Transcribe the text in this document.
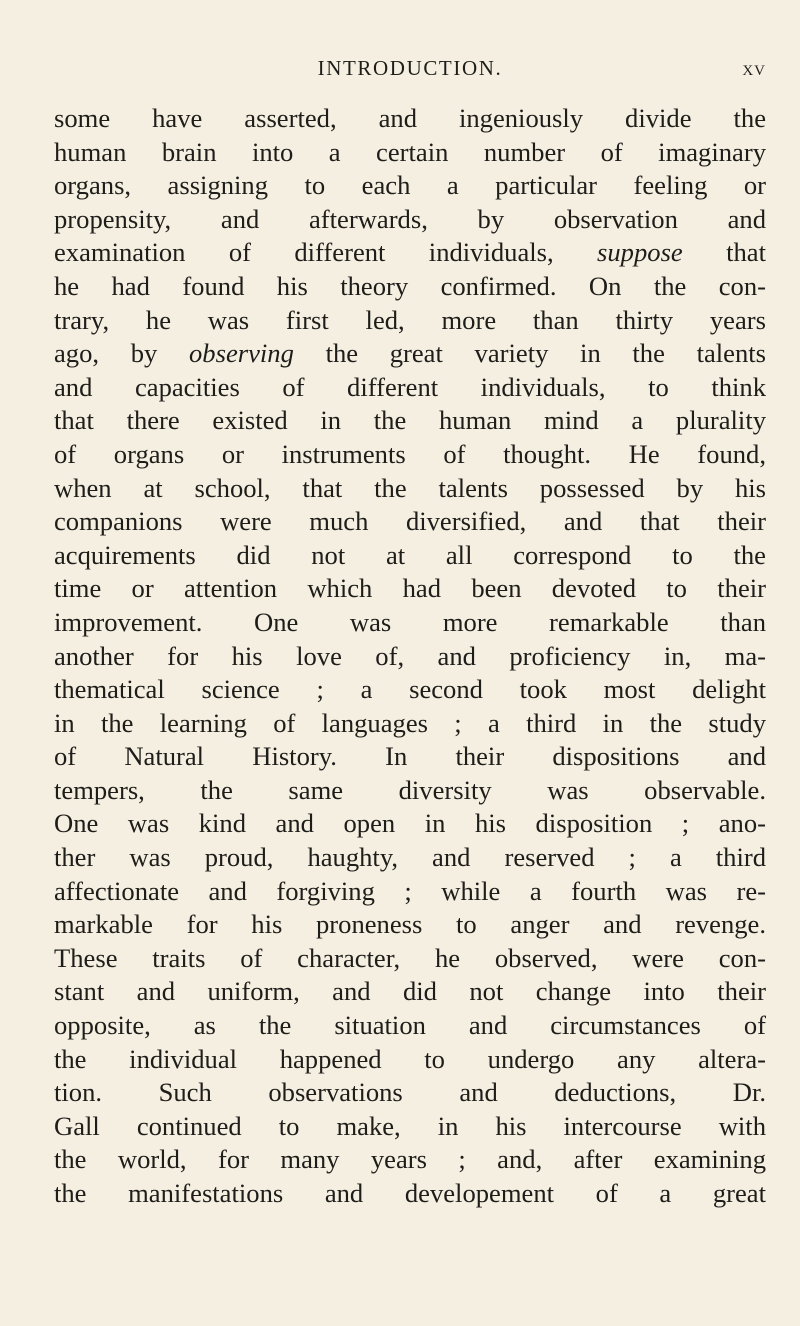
INTRODUCTION.	xv
some have asserted, and ingeniously divide the
human brain into a certain number of imaginary
organs, assigning to each a particular feeling or
propensity, and afterwards, by observation and
examination of different individuals, suppose that
he had found his theory confirmed. On the con-
trary, he was first led, more than thirty years
ago, by observing the great variety in the talents
and capacities of different individuals, to think
that there existed in the human mind a plurality
of organs or instruments of thought. He found,
when at school, that the talents possessed by his
companions were much diversified, and that their
acquirements did not at all correspond to the
time or attention which had been devoted to their
improvement. One was more remarkable than
another for his love of, and proficiency in, ma-
thematical science ; a second took most delight
in the learning of languages ; a third in the study
of Natural History. In their dispositions and
tempers, the same diversity was observable.
One was kind and open in his disposition ; ano-
ther was proud, haughty, and reserved ; a third
affectionate and forgiving ; while a fourth was re-
markable for his proneness to anger and revenge.
These traits of character, he observed, were con-
stant and uniform, and did not change into their
opposite, as the situation and circumstances of
the individual happened to undergo any altera-
tion. Such observations and deductions, Dr.
Gall continued to make, in his intercourse with
the world, for many years ; and, after examining
the manifestations and developement of a great
